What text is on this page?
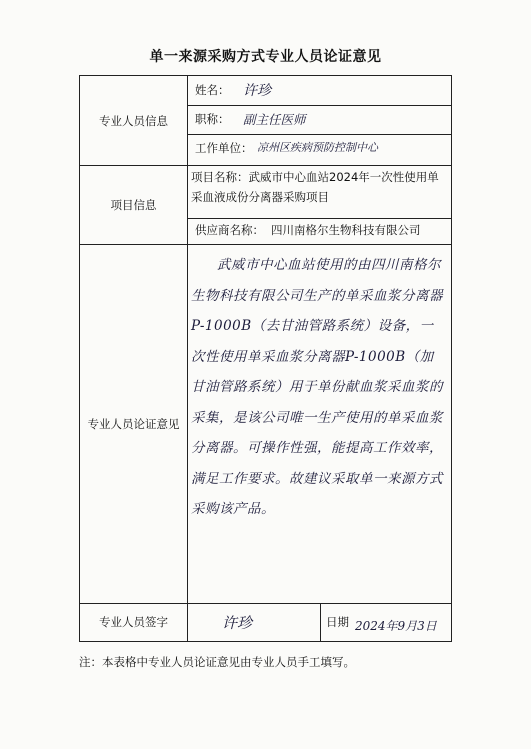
单一来源采购方式专业人员论证意见
专业人员信息
项目信息
专业人员论证意见
专业人员签字
姓名： 许珍
职称： 副主任医师
工作单位： 凉州区疾病预防控制中心
项目名称：武威市中心血站2024年一次性使用单采血液成份分离器采购项目
供应商名称： 四川南格尔生物科技有限公司
武威市中心血站使用的由四川南格尔生物科技有限公司生产的单采血浆分离器P-1000B（去甘油管路系统）设备，一次性使用单采血浆分离器P-1000B（加甘油管路系统）用于单份献血浆采血浆的采集，是该公司唯一生产使用的单采血浆分离器。可操作性强，能提高工作效率，满足工作要求。故建议采取单一来源方式采购该产品。
许珍	日期 2024年9月3日
注：本表格中专业人员论证意见由专业人员手工填写。
